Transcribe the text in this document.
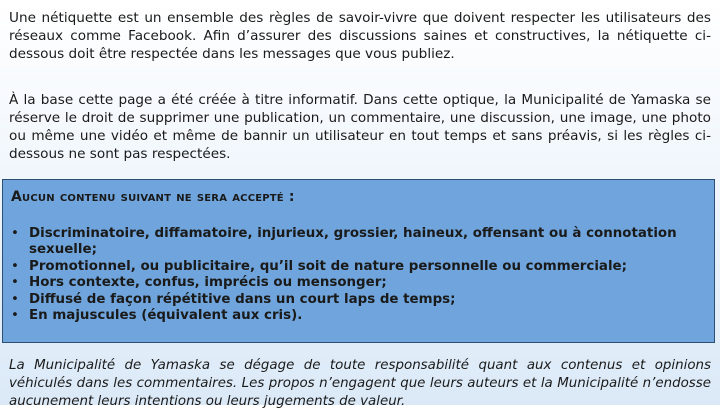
Une nétiquette est un ensemble des règles de savoir-vivre que doivent respecter les utilisateurs des réseaux comme Facebook. Afin d’assurer des discussions saines et constructives, la nétiquette ci-dessous doit être respectée dans les messages que vous publiez.

À la base cette page a été créée à titre informatif. Dans cette optique, la Municipalité de Yamaska se réserve le droit de supprimer une publication, un commentaire, une discussion, une image, une photo ou même une vidéo et même de bannir un utilisateur en tout temps et sans préavis, si les règles ci-dessous ne sont pas respectées.

Aucun contenu suivant ne sera accepté :
• Discriminatoire, diffamatoire, injurieux, grossier, haineux, offensant ou à connotation sexuelle;
• Promotionnel, ou publicitaire, qu’il soit de nature personnelle ou commerciale;
• Hors contexte, confus, imprécis ou mensonger;
• Diffusé de façon répétitive dans un court laps de temps;
• En majuscules (équivalent aux cris).

La Municipalité de Yamaska se dégage de toute responsabilité quant aux contenus et opinions véhiculés dans les commentaires. Les propos n’engagent que leurs auteurs et la Municipalité n’endosse aucunement leurs intentions ou leurs jugements de valeur.
